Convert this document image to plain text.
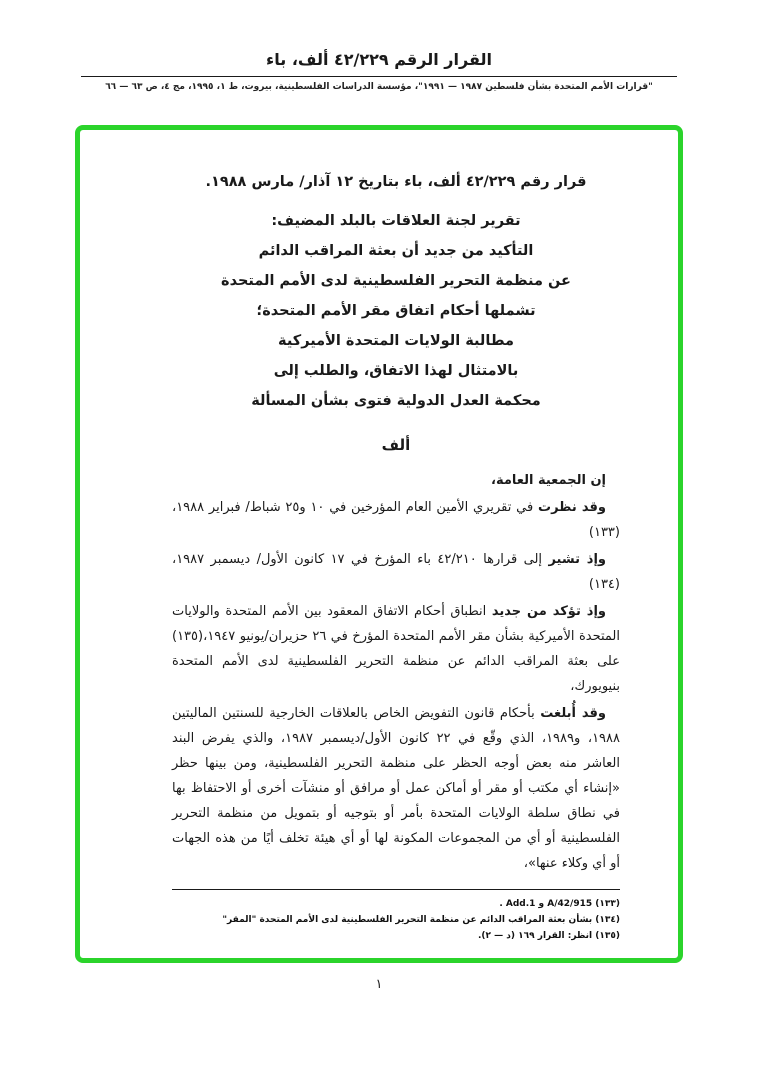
القرار الرقم ٤٢/٢٢٩ ألف، باء

"قرارات الأمم المتحدة بشأن فلسطين ١٩٨٧ — ١٩٩١"، مؤسسة الدراسات الفلسطينية، بيروت، ط ١، ١٩٩٥، مج ٤، ص ٦٣ — ٦٦

قرار رقم ٤٢/٢٢٩ ألف، باء بتاريخ ١٢ آذار/ مارس ١٩٨٨.
تقرير لجنة العلاقات بالبلد المضيف:
التأكيد من جديد أن بعثة المراقب الدائم
عن منظمة التحرير الفلسطينية لدى الأمم المتحدة
تشملها أحكام اتفاق مقر الأمم المتحدة؛
مطالبة الولايات المتحدة الأميركية
بالامتثال لهذا الاتفاق، والطلب إلى
محكمة العدل الدولية فتوى بشأن المسألة
ألف

إن الجمعية العامة،

وقد نظرت في تقريري الأمين العام المؤرخين في ١٠ و٢٥ شباط/ فبراير ١٩٨٨،(١٣٣)

وإذ تشير إلى قرارها ٤٢/٢١٠ باء المؤرخ في ١٧ كانون الأول/ ديسمبر ١٩٨٧،(١٣٤)

وإذ تؤكد من جديد انطباق أحكام الاتفاق المعقود بين الأمم المتحدة والولايات المتحدة الأميركية بشأن مقر الأمم المتحدة المؤرخ في ٢٦ حزيران/يونيو ١٩٤٧،(١٣٥) على بعثة المراقب الدائم عن منظمة التحرير الفلسطينية لدى الأمم المتحدة بنيويورك،

وقد أُبلغت بأحكام قانون التفويض الخاص بالعلاقات الخارجية للسنتين الماليتين ١٩٨٨، و١٩٨٩، الذي وقّع في ٢٢ كانون الأول/ديسمبر ١٩٨٧، والذي يفرض البند العاشر منه بعض أوجه الحظر على منظمة التحرير الفلسطينية، ومن بينها حظر «إنشاء أي مكتب أو مقر أو أماكن عمل أو مرافق أو منشآت أخرى أو الاحتفاظ بها في نطاق سلطة الولايات المتحدة بأمر أو بتوجيه أو بتمويل من منظمة التحرير الفلسطينية أو أي من المجموعات المكونة لها أو أي هيئة تخلف أيًا من هذه الجهات أو أي وكلاء عنها»،

(١٣٣) A/42/915 و Add.1 .
(١٣٤) بشأن بعثة المراقب الدائم عن منظمة التحرير الفلسطينية لدى الأمم المتحدة "المقر"
(١٣٥) انظر: القرار ١٦٩ (د — ٢).
١
